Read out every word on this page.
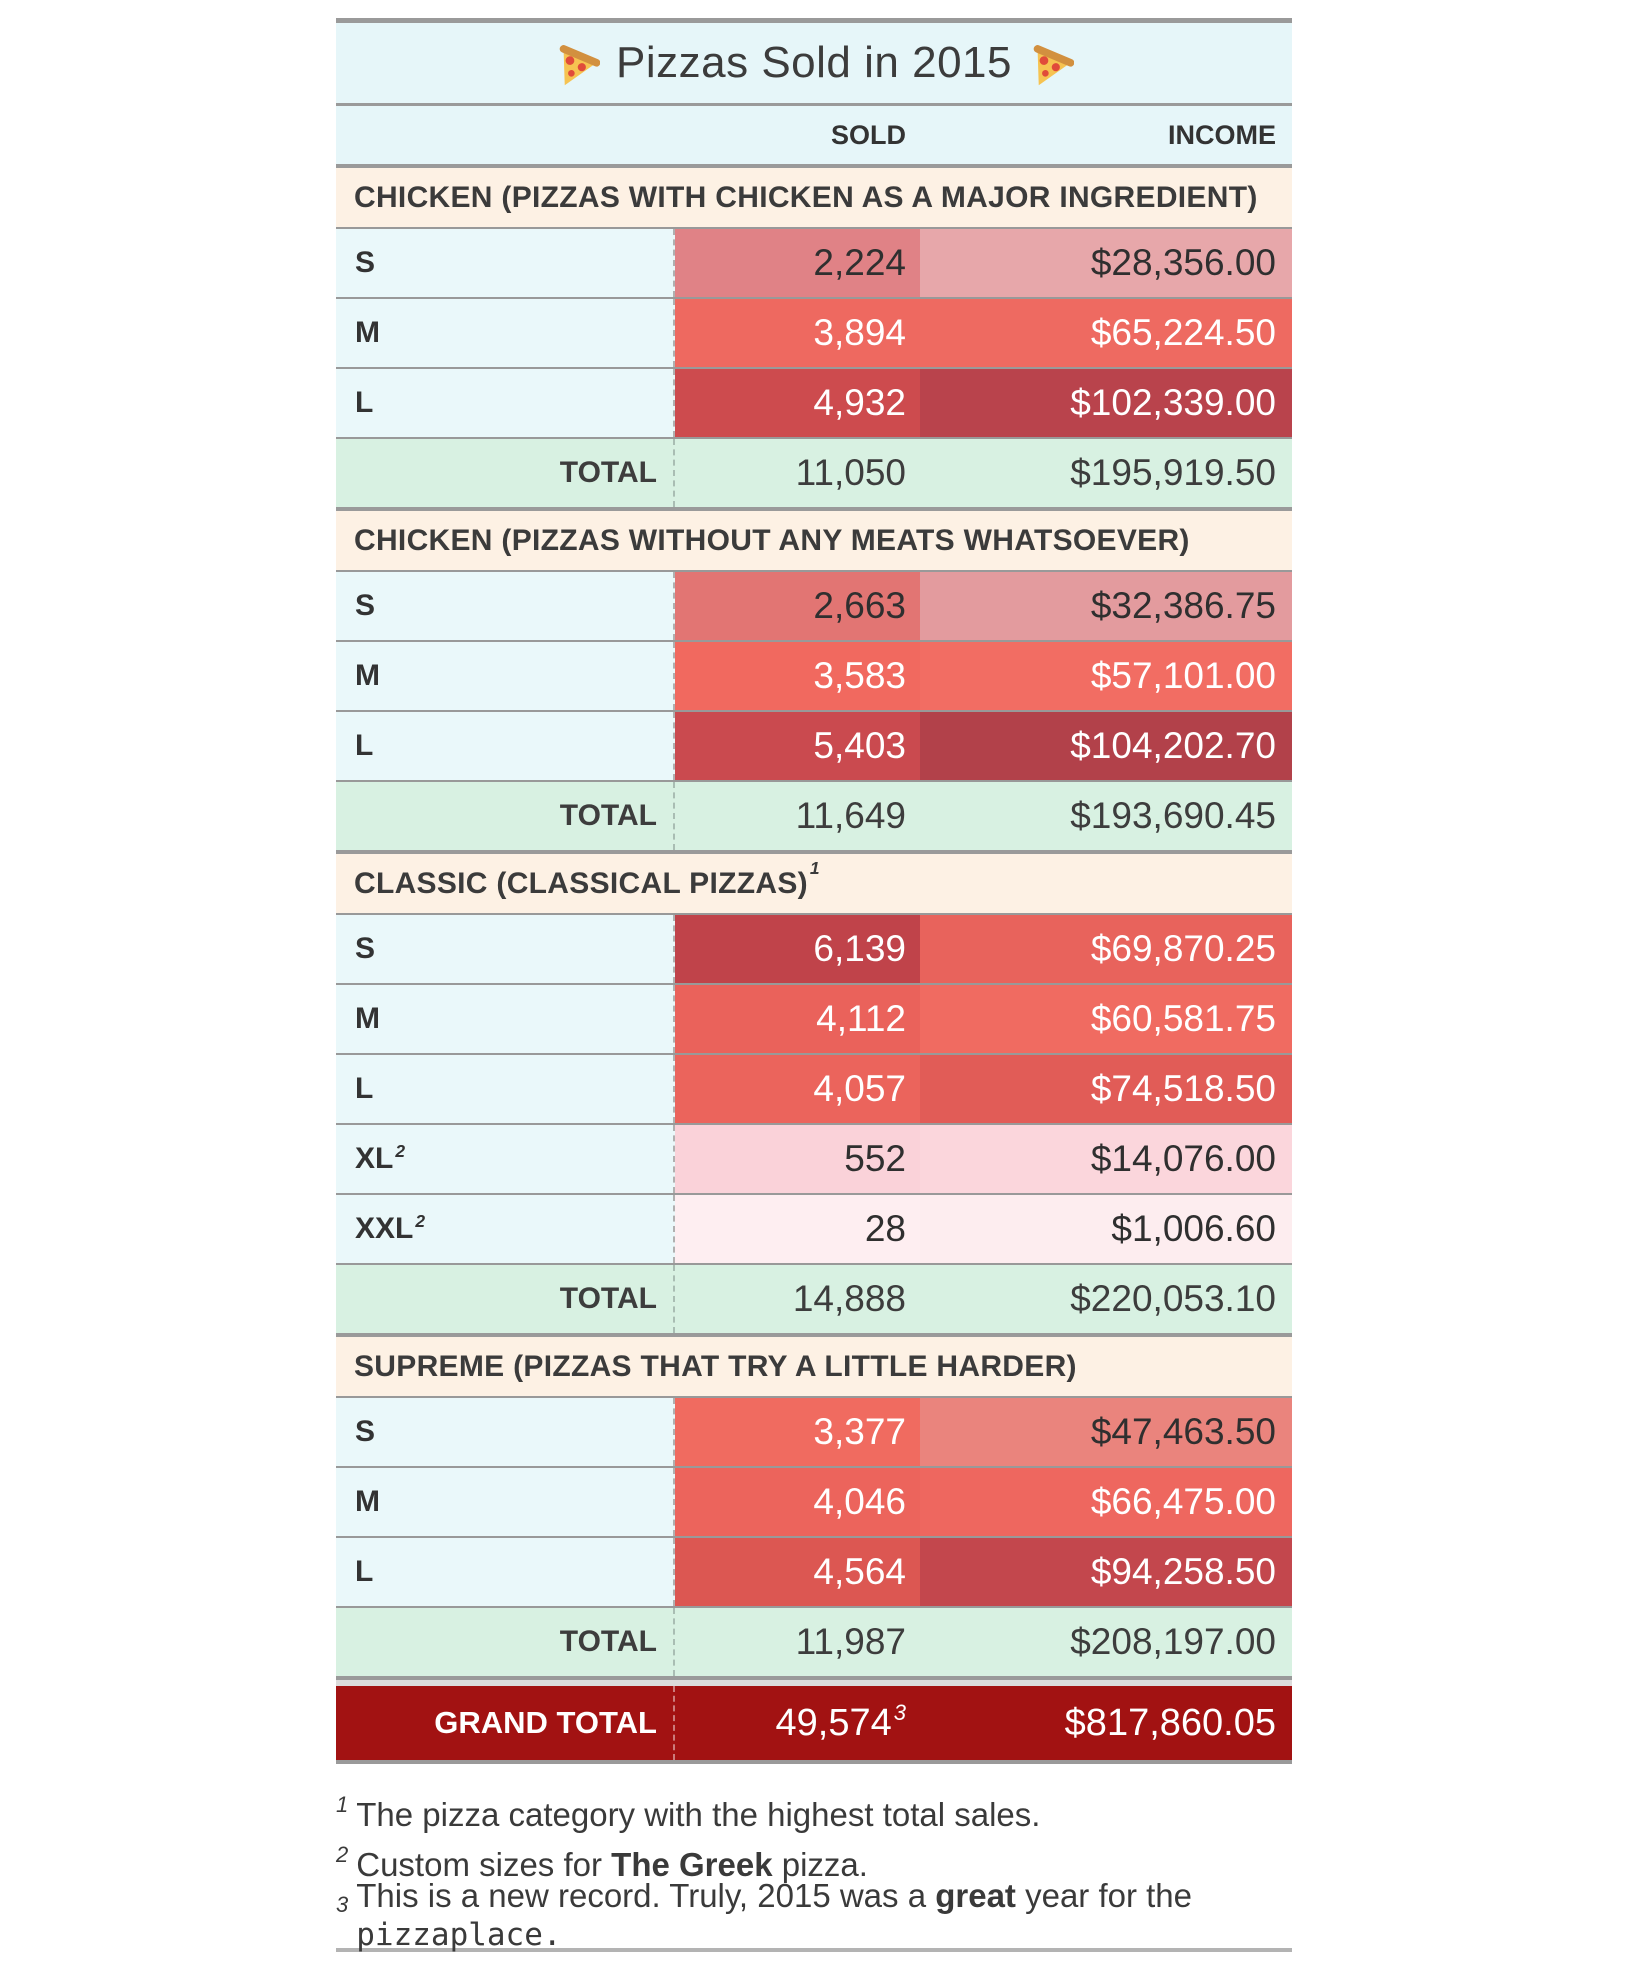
Pizzas Sold in 2015
SOLD	INCOME
CHICKEN (PIZZAS WITH CHICKEN AS A MAJOR INGREDIENT)
S	2,224	$28,356.00
M	3,894	$65,224.50
L	4,932	$102,339.00
TOTAL	11,050	$195,919.50
CHICKEN (PIZZAS WITHOUT ANY MEATS WHATSOEVER)
S	2,663	$32,386.75
M	3,583	$57,101.00
L	5,403	$104,202.70
TOTAL	11,649	$193,690.45
CLASSIC (CLASSICAL PIZZAS) $^1$
S	6,139	$69,870.25
M	4,112	$60,581.75
L	4,057	$74,518.50
$XL^2$	552	$14,076.00
XXL$^2$	28	$1,006.60
TOTAL	14,888	$220,053.10
SUPREME (PIZZAS THAT TRY A LITTLE HARDER)
S	3,377	$47,463.50
M	4,046	$66,475.00
L	4,564	$94,258.50
TOTAL	11,987	$208,197.00
GRAND TOTAL	49,574$^3$	$817,860.05
$^1$ The pizza category with the highest total sales.
$^2$ Custom sizes for The Greek pizza.
$^3$ This is a new record. Truly, 2015 was a great year for the pizzaplace.
